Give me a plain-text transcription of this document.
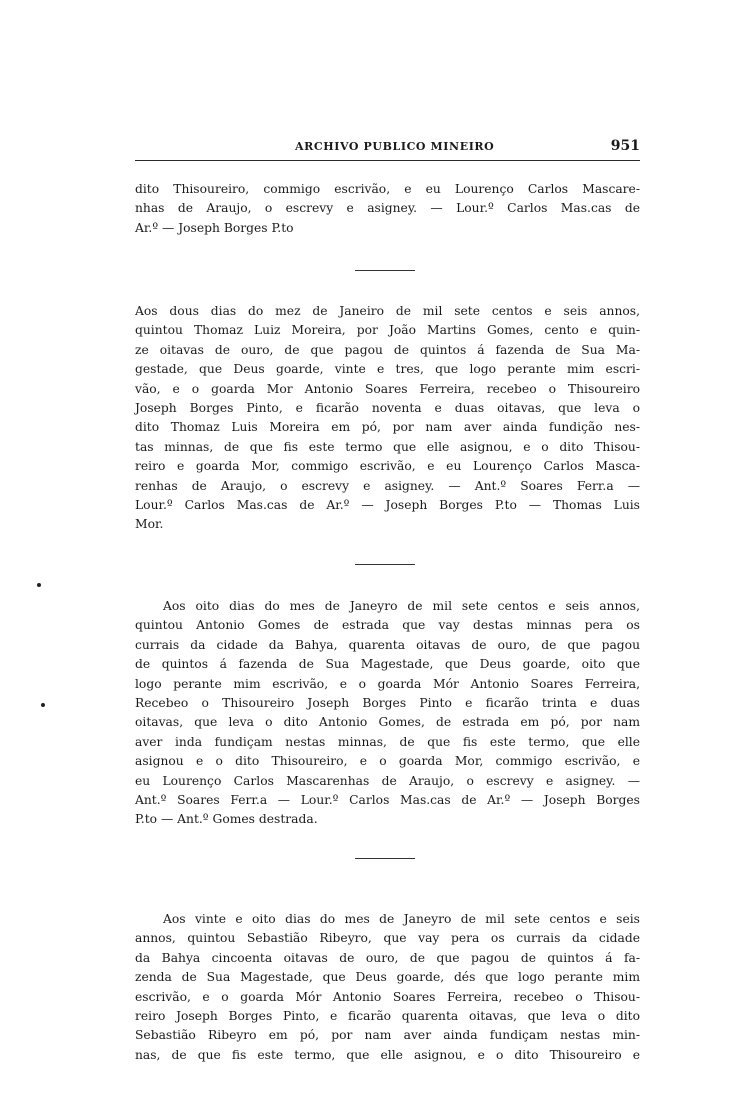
ARCHIVO PUBLICO MINEIRO	951
dito Thisoureiro, commigo escrivão, e eu Lourenço Carlos Mascare-
nhas de Araujo, o escrevy e asigney. — Lour.º Carlos Mas.cas de
Ar.º — Joseph Borges P.to
Aos dous dias do mez de Janeiro de mil sete centos e seis annos,
quintou Thomaz Luiz Moreira, por João Martins Gomes, cento e quin-
ze oitavas de ouro, de que pagou de quintos á fazenda de Sua Ma-
gestade, que Deus goarde, vinte e tres, que logo perante mim escri-
vão, e o goarda Mor Antonio Soares Ferreira, recebeo o Thisoureiro
Joseph Borges Pinto, e ficarão noventa e duas oitavas, que leva o
dito Thomaz Luis Moreira em pó, por nam aver ainda fundição nes-
tas minnas, de que fis este termo que elle asignou, e o dito Thisou-
reiro e goarda Mor, commigo escrivão, e eu Lourenço Carlos Masca-
renhas de Araujo, o escrevy e asigney. — Ant.º Soares Ferr.a —
Lour.º Carlos Mas.cas de Ar.º — Joseph Borges P.to — Thomas Luis
Mor.
Aos oito dias do mes de Janeyro de mil sete centos e seis annos,
quintou Antonio Gomes de estrada que vay destas minnas pera os
currais da cidade da Bahya, quarenta oitavas de ouro, de que pagou
de quintos á fazenda de Sua Magestade, que Deus goarde, oito que
logo perante mim escrivão, e o goarda Mór Antonio Soares Ferreira,
Recebeo o Thisoureiro Joseph Borges Pinto e ficarão trinta e duas
oitavas, que leva o dito Antonio Gomes, de estrada em pó, por nam
aver inda fundiçam nestas minnas, de que fis este termo, que elle
asignou e o dito Thisoureiro, e o goarda Mor, commigo escrivão, e
eu Lourenço Carlos Mascarenhas de Araujo, o escrevy e asigney. —
Ant.º Soares Ferr.a — Lour.º Carlos Mas.cas de Ar.º — Joseph Borges
P.to — Ant.º Gomes destrada.
Aos vinte e oito dias do mes de Janeyro de mil sete centos e seis
annos, quintou Sebastião Ribeyro, que vay pera os currais da cidade
da Bahya cincoenta oitavas de ouro, de que pagou de quintos á fa-
zenda de Sua Magestade, que Deus goarde, dés que logo perante mim
escrivão, e o goarda Mór Antonio Soares Ferreira, recebeo o Thisou-
reiro Joseph Borges Pinto, e ficarão quarenta oitavas, que leva o dito
Sebastião Ribeyro em pó, por nam aver ainda fundiçam nestas min-
nas, de que fis este termo, que elle asignou, e o dito Thisoureiro e
